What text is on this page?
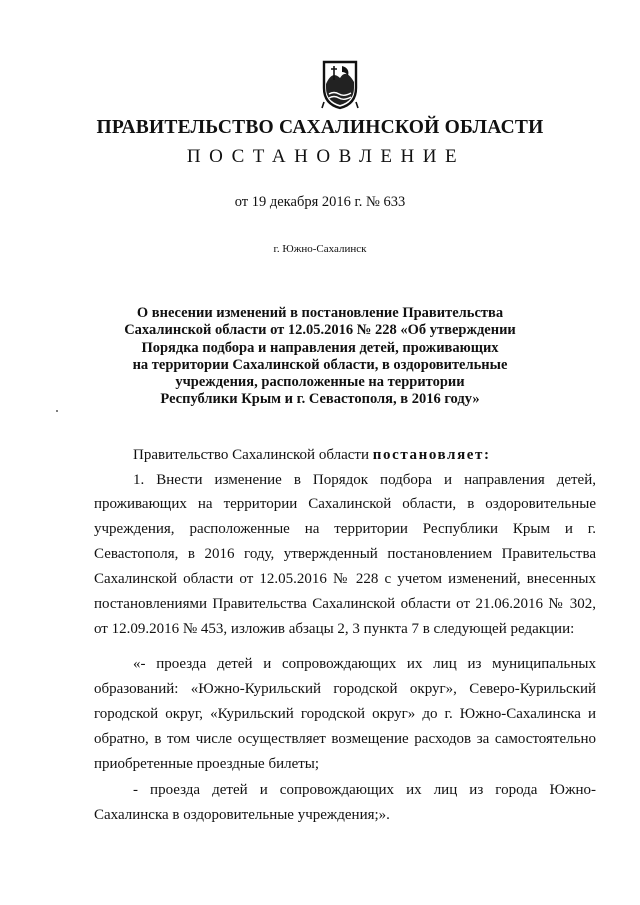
ПРАВИТЕЛЬСТВО САХАЛИНСКОЙ ОБЛАСТИ
ПОСТАНОВЛЕНИЕ
от 19 декабря 2016 г. № 633
г. Южно-Сахалинск
О внесении изменений в постановление Правительства
Сахалинской области от 12.05.2016 № 228 «Об утверждении
Порядка подбора и направления детей, проживающих
на территории Сахалинской области, в оздоровительные
учреждения, расположенные на территории
Республики Крым и г. Севастополя, в 2016 году»
Правительство Сахалинской области постановляет:
1. Внести изменение в Порядок подбора и направления детей,
проживающих на территории Сахалинской области, в оздоровительные
учреждения, расположенные на территории Республики Крым и г.
Севастополя, в 2016 году, утвержденный постановлением Правительства
Сахалинской области от 12.05.2016 № 228 с учетом изменений, внесенных
постановлениями Правительства Сахалинской области от 21.06.2016 № 302,
от 12.09.2016 № 453, изложив абзацы 2, 3 пункта 7 в следующей редакции:
«- проезда детей и сопровождающих их лиц из муниципальных
образований: «Южно-Курильский городской округ», Северо-Курильский
городской округ, «Курильский городской округ» до г. Южно-Сахалинска и
обратно, в том числе осуществляет возмещение расходов за самостоятельно
приобретенные проездные билеты;
- проезда детей и сопровождающих их лиц из города Южно-
Сахалинска в оздоровительные учреждения;».
